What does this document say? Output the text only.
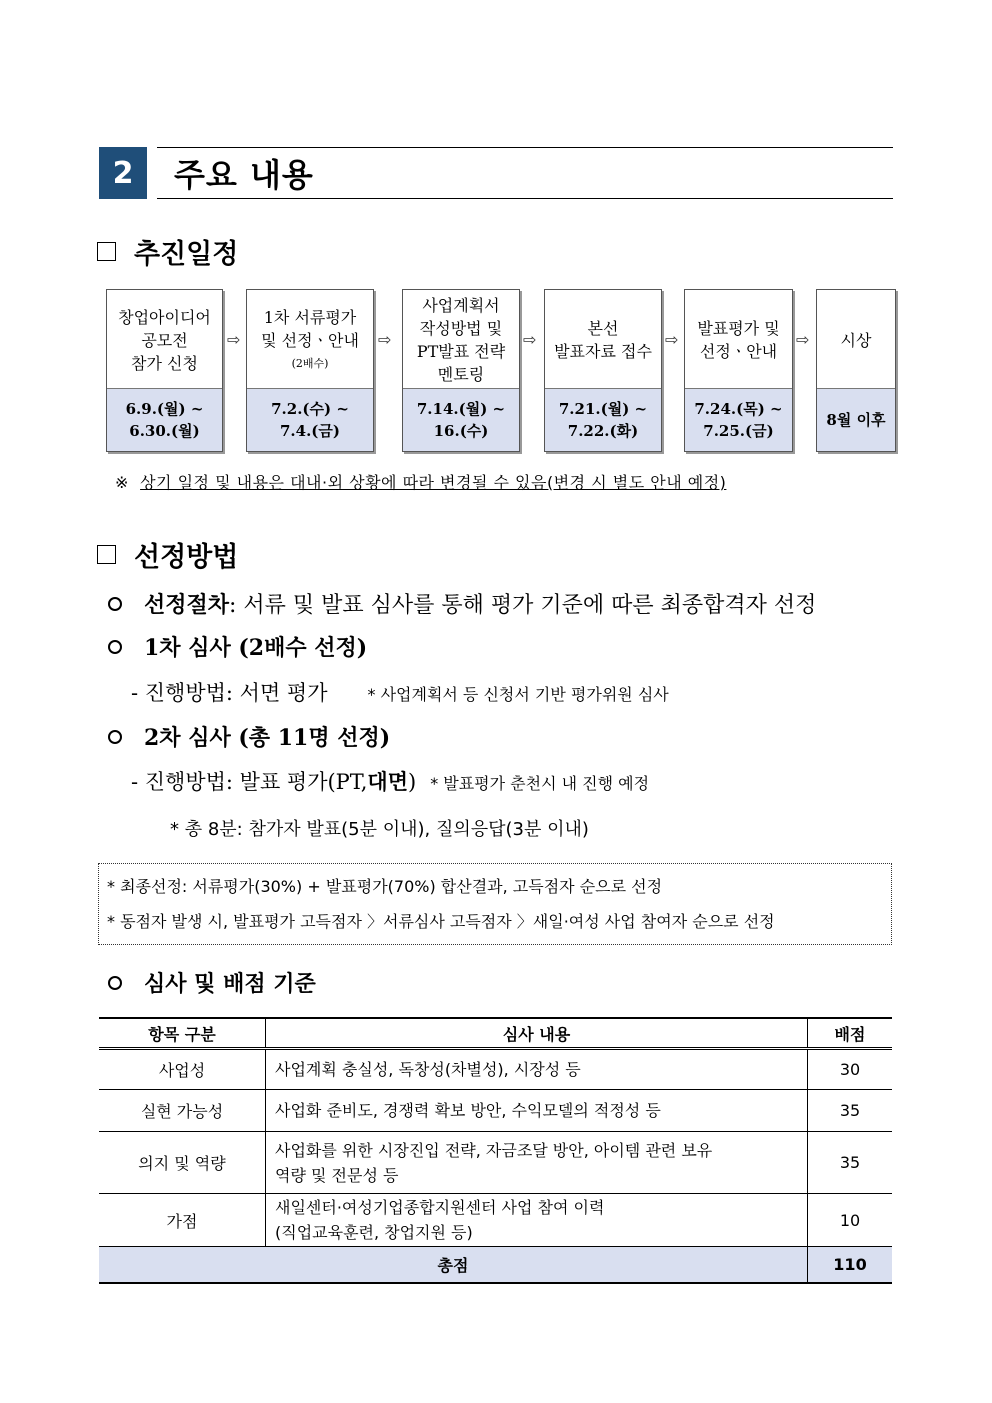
2	주요 내용
추진일정
창업아이디어
공모전
참가 신청
6.9.(월) ~
6.30.(월)
⇨
1차 서류평가
및 선정ㆍ안내
(2배수)
7.2.(수) ~
7.4.(금)
⇨
사업계획서
작성방법 및
PT발표 전략
멘토링
7.14.(월) ~
16.(수)
⇨
본선
발표자료 접수
7.21.(월) ~
7.22.(화)
⇨
발표평가 및
선정ㆍ안내
7.24.(목) ~
7.25.(금)
⇨ 시상
8월 이후
※ 상기 일정 및 내용은 대내·외 상황에 따라 변경될 수 있음(변경 시 별도 안내 예정)
선정방법
선정절차 : 서류 및 발표 심사를 통해 평가 기준에 따른 최종합격자 선정
1차 심사 (2배수 선정)
- 진행방법: 서면 평가	* 사업계획서 등 신청서 기반 평가위원 심사
2차 심사 (총 11명 선정)
- 진행방법: 발표 평가(PT, 대면 ) * 발표평가 춘천시 내 진행 예정
* 총 8분: 참가자 발표(5분 이내), 질의응답(3분 이내)
* 최종선정: 서류평가(30%) + 발표평가(70%) 합산결과, 고득점자 순으로 선정
* 동점자 발생 시, 발표평가 고득점자 〉서류심사 고득점자 〉새일·여성 사업 참여자 순으로 선정
심사 및 배점 기준
항목 구분	심사 내용	배점
사업성	사업계획 충실성, 독창성(차별성), 시장성 등	30
실현 가능성	사업화 준비도, 경쟁력 확보 방안, 수익모델의 적정성 등	35
의지 및 역량	사업화를 위한 시장진입 전략, 자금조달 방안, 아이템 관련 보유
역량 및 전문성 등	35
가점	새일센터·여성기업종합지원센터 사업 참여 이력
(직업교육훈련, 창업지원 등)	10
총점		110
